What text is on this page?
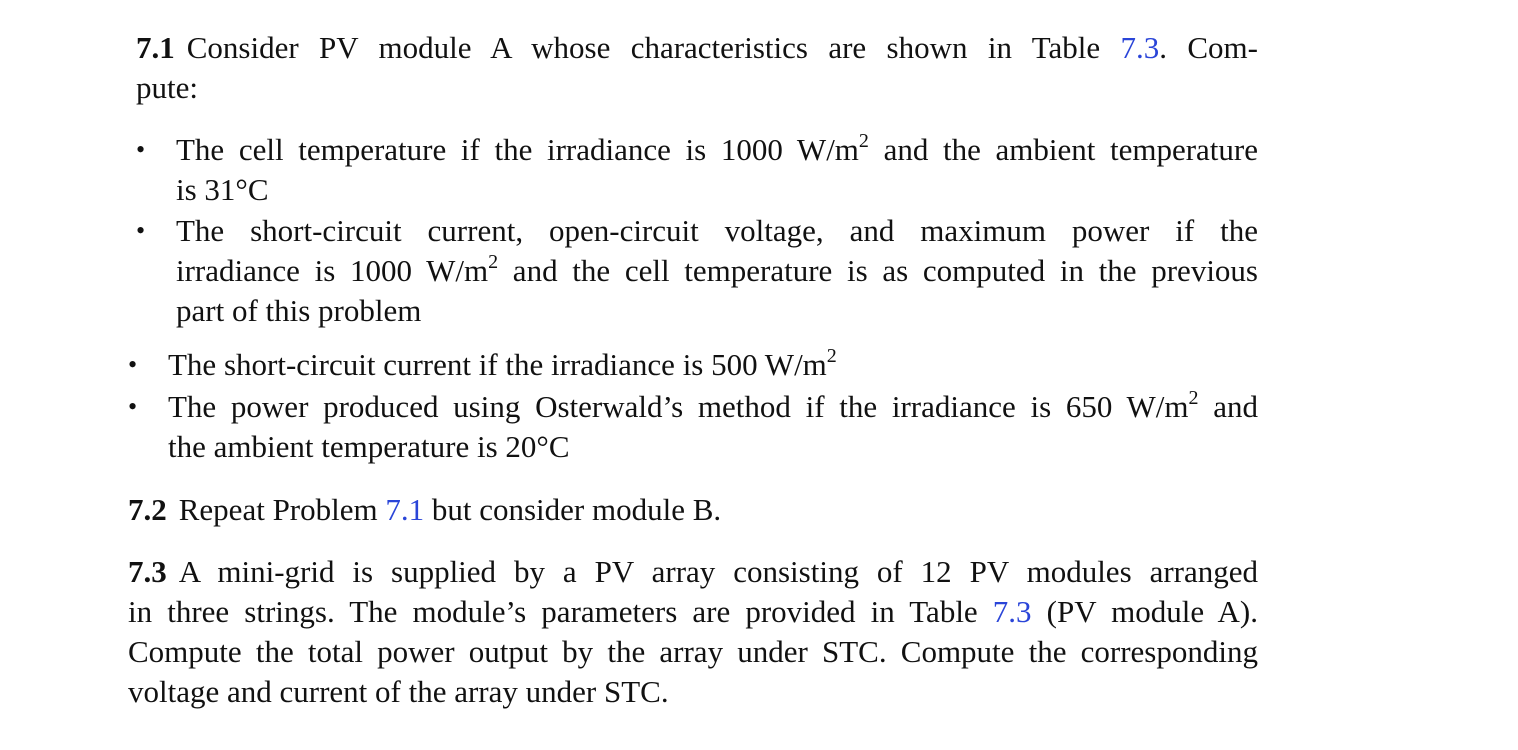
7.1 Consider PV module A whose characteristics are shown in Table 7.3. Com-
pute:
• The cell temperature if the irradiance is 1000 $W/m^2$ and the ambient temperature
is 31°C
• The short-circuit current, open-circuit voltage, and maximum power if the
irradiance is 1000 $W/m^2$ and the cell temperature is as computed in the previous
part of this problem
• The short-circuit current if the irradiance is 500 $W/m^2$
• The power produced using Osterwald’s method if the irradiance is 650 $W/m^2$ and
the ambient temperature is 20°C
7.2 Repeat Problem 7.1 but consider module B.
7.3 A mini-grid is supplied by a PV array consisting of 12 PV modules arranged
in three strings. The module’s parameters are provided in Table 7.3 (PV module A).
Compute the total power output by the array under STC. Compute the corresponding
voltage and current of the array under STC.
